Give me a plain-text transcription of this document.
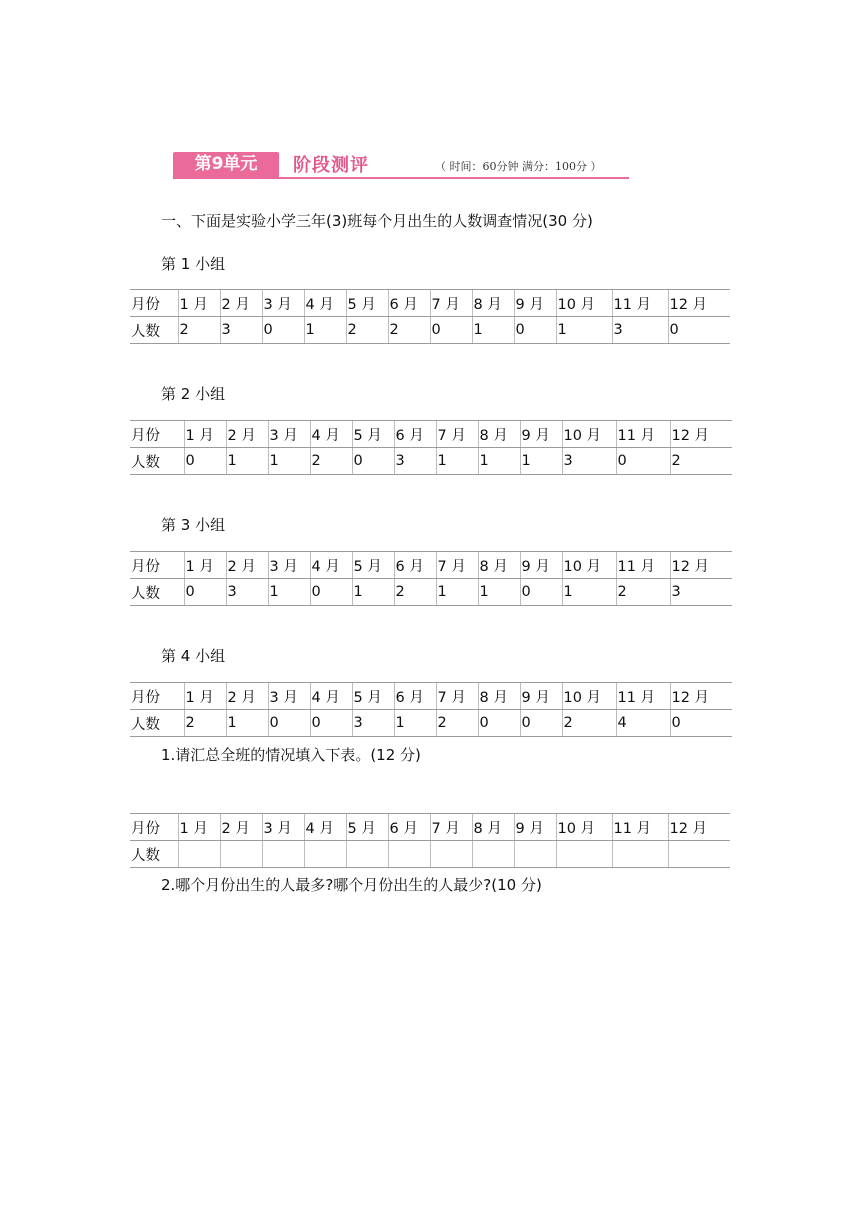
第9单元	阶段测评	（ 时间：60分钟 满分：100分 ）
一、下面是实验小学三年(3)班每个月出生的人数调查情况(30 分)
第 1 小组
月份	1 月	2 月	3 月	4 月	5 月	6 月	7 月	8 月	9 月	10 月	11 月	12 月
人数	2	3	0	1	2	2	0	1	0	1	3	0
第 2 小组
月份	1 月	2 月	3 月	4 月	5 月	6 月	7 月	8 月	9 月	10 月	11 月	12 月
人数	0	1	1	2	0	3	1	1	1	3	0	2
第 3 小组
月份	1 月	2 月	3 月	4 月	5 月	6 月	7 月	8 月	9 月	10 月	11 月	12 月
人数	0	3	1	0	1	2	1	1	0	1	2	3
第 4 小组
月份	1 月	2 月	3 月	4 月	5 月	6 月	7 月	8 月	9 月	10 月	11 月	12 月
人数	2	1	0	0	3	1	2	0	0	2	4	0
1.请汇总全班的情况填入下表。(12 分)
月份	1 月	2 月	3 月	4 月	5 月	6 月	7 月	8 月	9 月	10 月	11 月	12 月
人数												
2.哪个月份出生的人最多?哪个月份出生的人最少?(10 分)
